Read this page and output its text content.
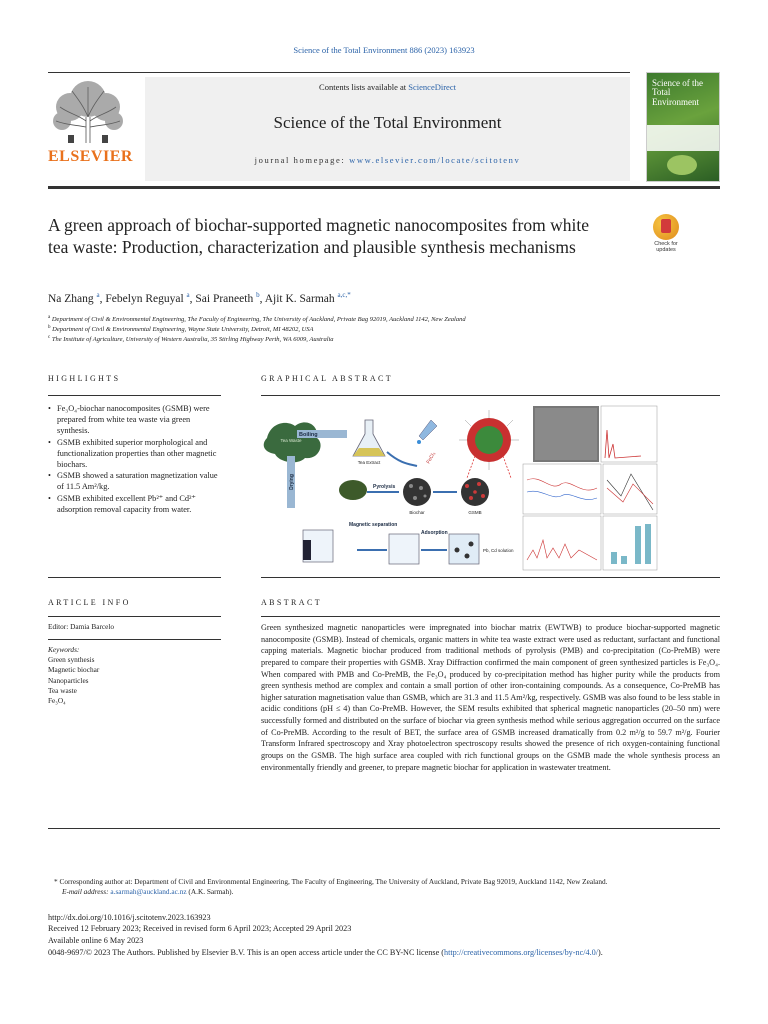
Science of the Total Environment 886 (2023) 163923
ELSEVIER
Contents lists available at ScienceDirect
Science of the Total Environment
journal homepage: www.elsevier.com/locate/scitotenv
Science of the Total Environment
A green approach of biochar-supported magnetic nanocomposites from white tea waste: Production, characterization and plausible synthesis mechanisms	Check for updates
Na Zhang $^a$, Febelyn Reguyal $^a$, Sai Praneeth $^b$, Ajit K. Sarmah $^{a,c,*}$
$^a$ Department of Civil & Environmental Engineering, The Faculty of Engineering, The University of Auckland, Private Bag 92019, Auckland 1142, New Zealand
$^b$ Department of Civil & Environmental Engineering, Wayne State University, Detroit, MI 48202, USA
$^c$ The Institute of Agriculture, University of Western Australia, 35 Stirling Highway Perth, WA 6009, Australia
HIGHLIGHTS
• Fe₃O₄-biochar nanocomposites (GSMB) were prepared from white tea waste via green synthesis.
• GSMB exhibited superior morphological and functionalization properties than other magnetic biochars.
• GSMB showed a saturation magnetization value of 11.5 Am²/kg.
• GSMB exhibited excellent Pb²⁺ and Cd²⁺ adsorption removal capacity from water.
GRAPHICAL ABSTRACT
Tea Waste
Boiling
Drying
Tea Extract	FeCl₃
Pyrolysis
Biochar	GSMB
Magnetic separation
Adsorption
Pb, Cd solution
ARTICLE INFO
Editor: Damia Barcelo
Keywords:
Green synthesis
Magnetic biochar
Nanoparticles
Tea waste
Fe₃O₄
ABSTRACT

Green synthesized magnetic nanoparticles were impregnated into biochar matrix (EWTWB) to produce biochar-supported magnetic nanocomposite (GSMB). Instead of chemicals, organic matters in white tea waste extract were used as reductant, surfactant and functional capping materials. Magnetic biochar produced from traditional methods of pyrolysis (PMB) and co-precipitation (Co-PreMB) were prepared to compare their properties with GSMB. Xray Diffraction confirmed the main component of green synthesized particles is Fe₃O₄. When compared with PMB and Co-PreMB, the Fe₃O₄ produced by co-precipitation method has higher purity while the products from green synthesis method are complex and contain a small portion of other iron-containing compounds. As a consequence, Co-PreMB has higher saturation magnetisation value than GSMB, which are 31.3 and 11.5 Am²/kg, respectively. GSMB was also found to be less stable in acidic conditions (pH ≤ 4) than Co-PreMB. However, the SEM results exhibited that spherical magnetic nanoparticles (20–50 nm) were successfully formed and distributed on the surface of biochar via green synthesis method while serious aggregation occurred on the surface of Co-PreMB. According to the result of BET, the surface area of GSMB increased dramatically from 0.2 m²/g to 59.7 m²/g. Fourier Transform Infrared spectroscopy and Xray photoelectron spectroscopy results showed the presence of rich oxygen-containing functional groups on the GSMB. The high surface area coupled with rich functional groups on the GSMB made the whole synthesis process an environmentally friendly and greener, to prepare magnetic biochar for application in wastewater treatment.

* Corresponding author at: Department of Civil and Environmental Engineering, The Faculty of Engineering, The University of Auckland, Private Bag 92019, Auckland 1142, New Zealand.
E-mail address: a.sarmah@auckland.ac.nz (A.K. Sarmah).
http://dx.doi.org/10.1016/j.scitotenv.2023.163923
Received 12 February 2023; Received in revised form 6 April 2023; Accepted 29 April 2023
Available online 6 May 2023
0048-9697/© 2023 The Authors. Published by Elsevier B.V. This is an open access article under the CC BY-NC license (http://creativecommons.org/licenses/by-nc/4.0/).
